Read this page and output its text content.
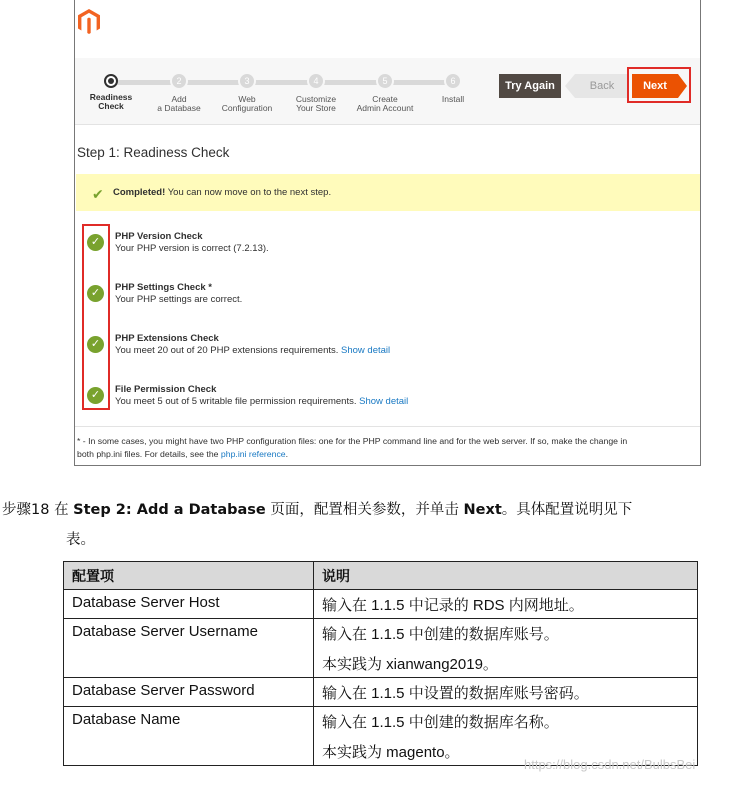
Readiness
Check
2
Add
a Database
3
Web
Configuration
4
Customize
Your Store
5
Create
Admin Account
6
Install
Try Again	Back	Next
Step 1: Readiness Check
✔ Completed! You can now move on to the next step.
✓	PHP Version Check
Your PHP version is correct (7.2.13).
✓	PHP Settings Check *
Your PHP settings are correct.
✓	PHP Extensions Check
You meet 20 out of 20 PHP extensions requirements. Show detail
✓	File Permission Check
You meet 5 out of 5 writable file permission requirements. Show detail
* - In some cases, you might have two PHP configuration files: one for the PHP command line and for the web server. If so, make the change in
both php.ini files. For details, see the php.ini reference.
步骤18 在 Step 2: Add a Database 页面，配置相关参数，并单击 Next。具体配置说明见下
表。
配置项	说明
Database Server Host	输入在 1.1.5 中记录的 RDS 内网地址。
Database Server Username	输入在 1.1.5 中创建的数据库账号。
本实践为 xianwang2019。

Database Server Password	输入在 1.1.5 中设置的数据库账号密码。
Database Name	输入在 1.1.5 中创建的数据库名称。
本实践为 magento。
https://blog.csdn.net/BulbsBei
